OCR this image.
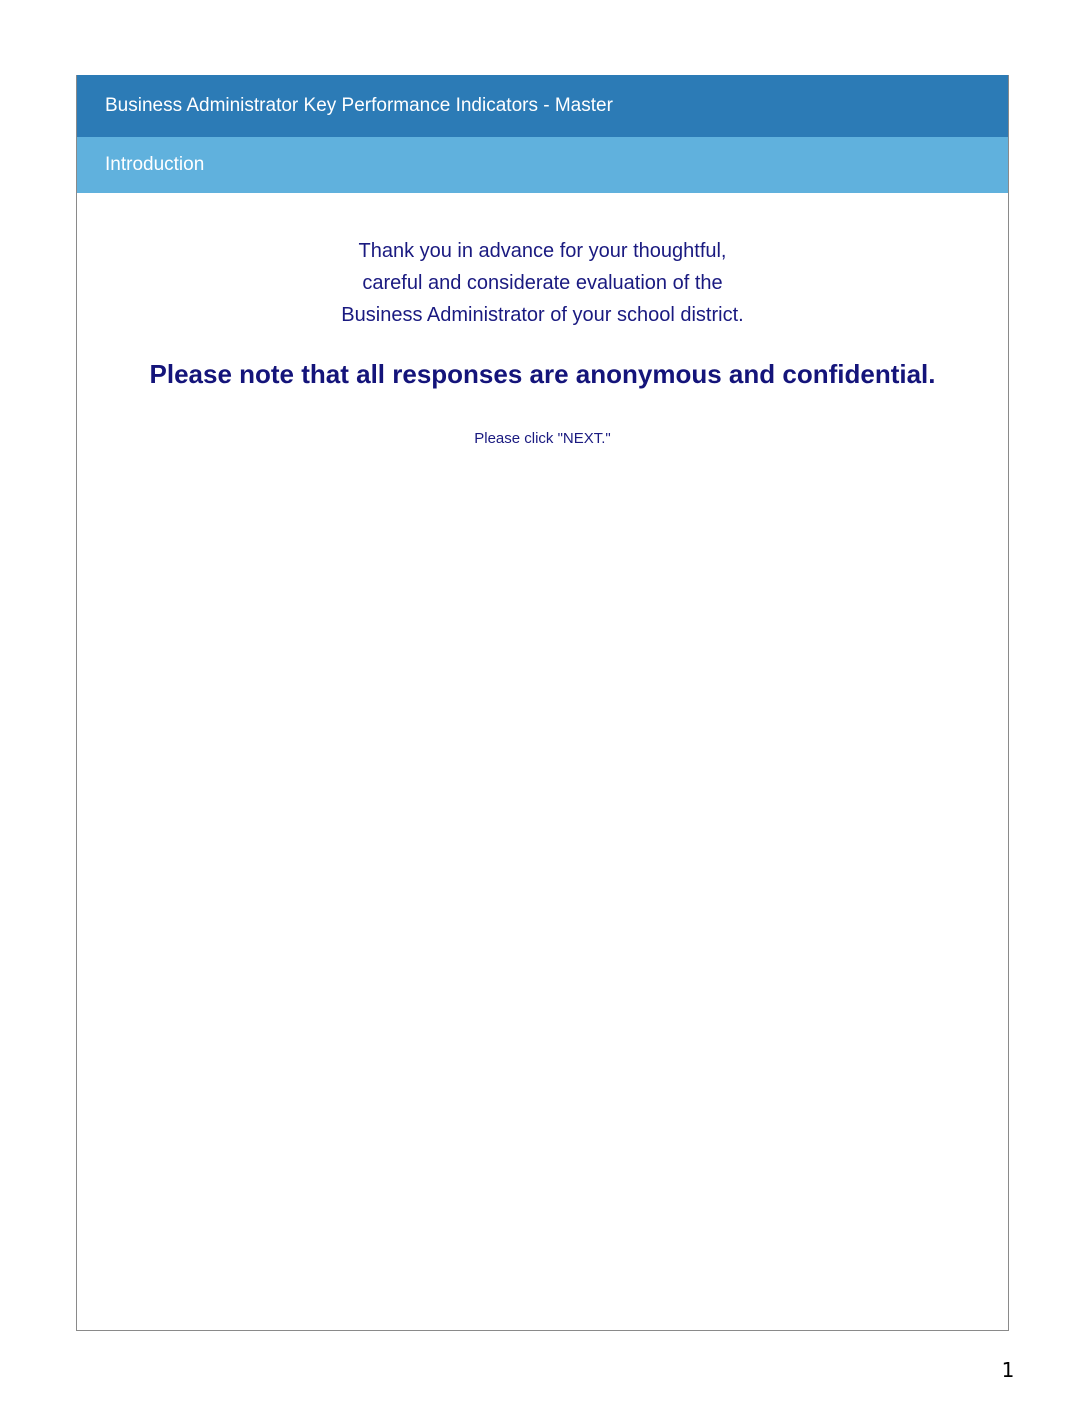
Business Administrator Key Performance Indicators - Master
Introduction
Thank you in advance for your thoughtful,
careful and considerate evaluation of the
Business Administrator of your school district.
Please note that all responses are anonymous and confidential.
Please click "NEXT."
1
